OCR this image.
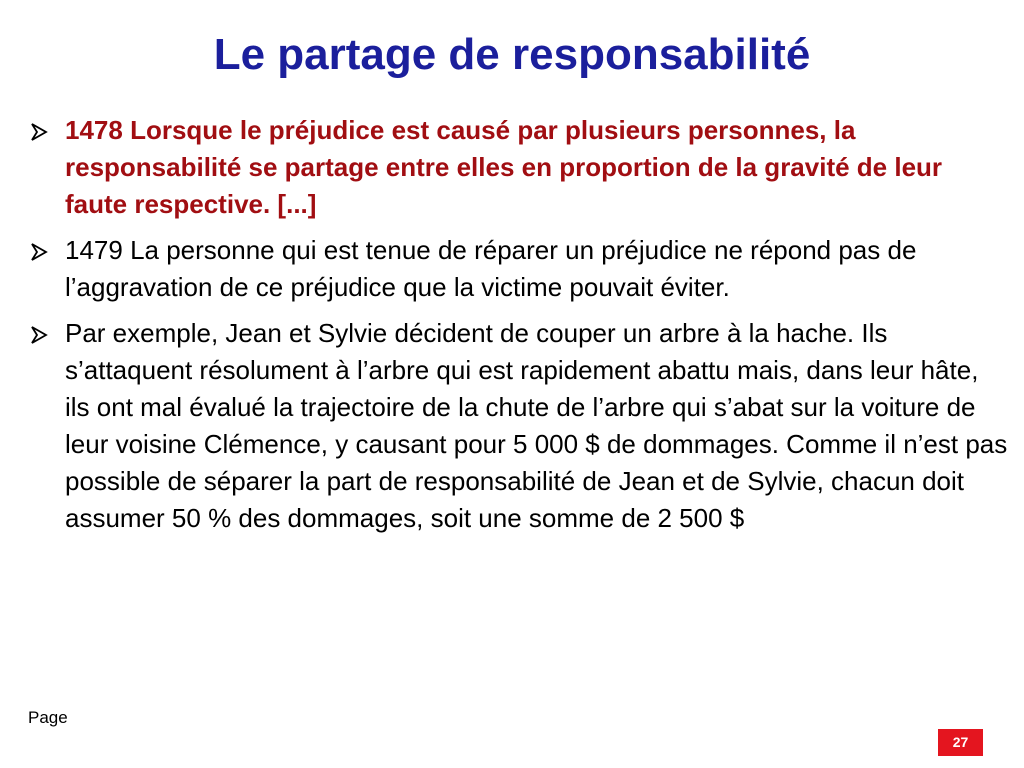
Le partage de responsabilité
1478 Lorsque le préjudice est causé par plusieurs personnes, la responsabilité se partage entre elles en proportion de la gravité de leur faute respective. [...]
1479 La personne qui est tenue de réparer un préjudice ne répond pas de l’aggravation de ce préjudice que la victime pouvait éviter.
Par exemple, Jean et Sylvie décident de couper un arbre à la hache. Ils s’attaquent résolument à l’arbre qui est rapidement abattu mais, dans leur hâte, ils ont mal évalué la trajectoire de la chute de l’arbre qui s’abat sur la voiture de leur voisine Clémence, y causant pour 5 000 $ de dommages. Comme il n’est pas possible de séparer la part de responsabilité de Jean et de Sylvie, chacun doit assumer 50 % des dommages, soit une somme de 2 500 $
Page
27
